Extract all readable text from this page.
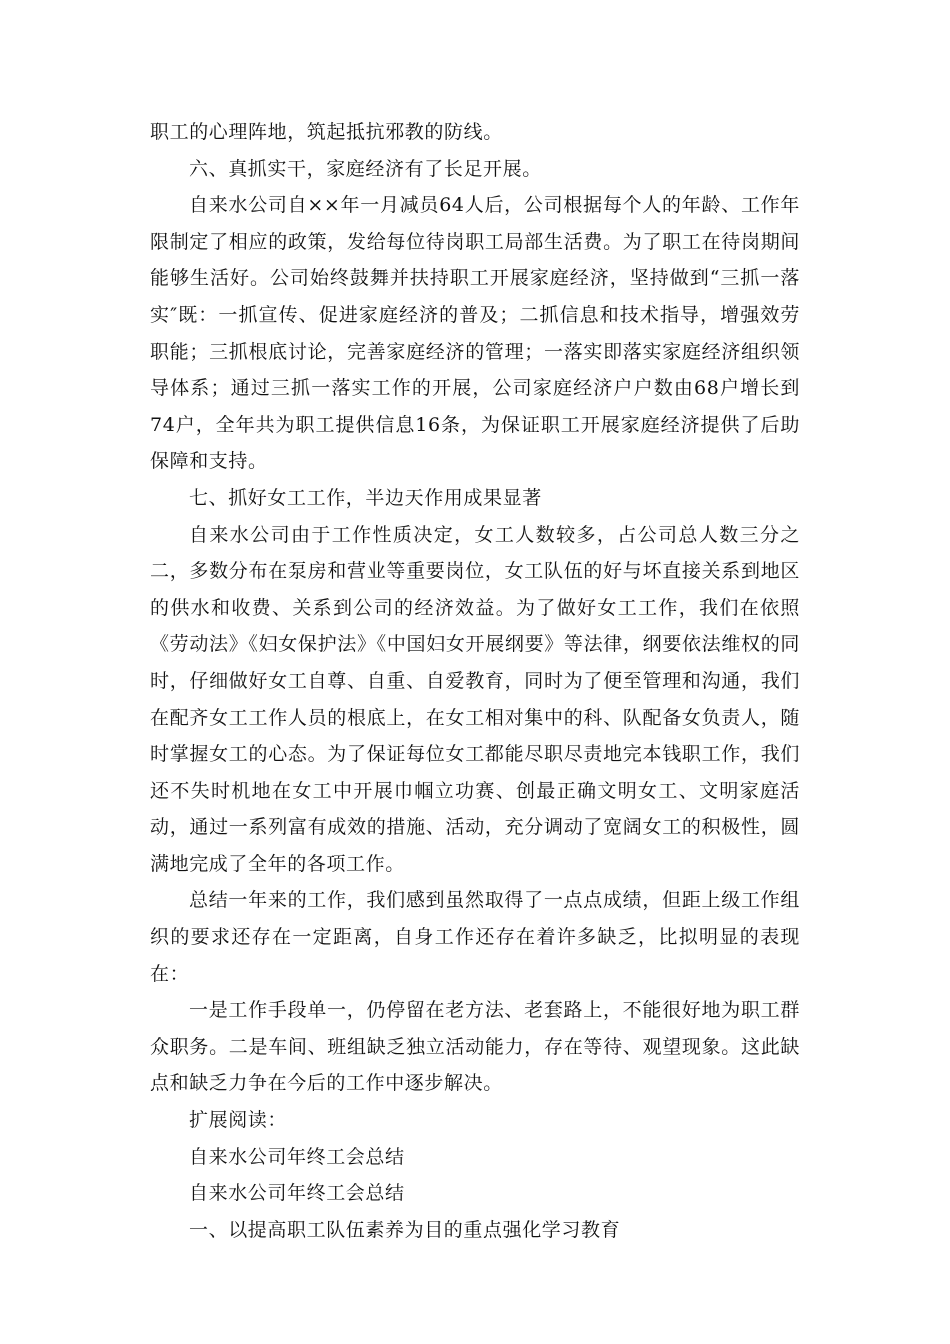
职工的心理阵地，筑起抵抗邪教的防线。

六、真抓实干，家庭经济有了长足开展。

自来水公司自××年一月减员64人后，公司根据每个人的年龄、工作年限制定了相应的政策，发给每位待岗职工局部生活费。为了职工在待岗期间能够生活好。公司始终鼓舞并扶持职工开展家庭经济，坚持做到“三抓一落实″既：一抓宣传、促进家庭经济的普及；二抓信息和技术指导，增强效劳职能；三抓根底讨论，完善家庭经济的管理；一落实即落实家庭经济组织领导体系；通过三抓一落实工作的开展，公司家庭经济户户数由68户增长到74户，全年共为职工提供信息16条，为保证职工开展家庭经济提供了后助保障和支持。

七、抓好女工工作，半边天作用成果显著

自来水公司由于工作性质决定，女工人数较多，占公司总人数三分之二，多数分布在泵房和营业等重要岗位，女工队伍的好与坏直接关系到地区的供水和收费、关系到公司的经济效益。为了做好女工工作，我们在依照《劳动法》《妇女保护法》《中国妇女开展纲要》等法律，纲要依法维权的同时，仔细做好女工自尊、自重、自爱教育，同时为了便至管理和沟通，我们在配齐女工工作人员的根底上，在女工相对集中的科、队配备女负责人，随时掌握女工的心态。为了保证每位女工都能尽职尽责地完本钱职工作，我们还不失时机地在女工中开展巾帼立功赛、创最正确文明女工、文明家庭活动，通过一系列富有成效的措施、活动，充分调动了宽阔女工的积极性，圆满地完成了全年的各项工作。

总结一年来的工作，我们感到虽然取得了一点点成绩，但距上级工作组织的要求还存在一定距离，自身工作还存在着许多缺乏，比拟明显的表现在：

一是工作手段单一，仍停留在老方法、老套路上，不能很好地为职工群众职务。二是车间、班组缺乏独立活动能力，存在等待、观望现象。这此缺点和缺乏力争在今后的工作中逐步解决。

扩展阅读：

自来水公司年终工会总结

自来水公司年终工会总结

一、以提高职工队伍素养为目的重点强化学习教育
